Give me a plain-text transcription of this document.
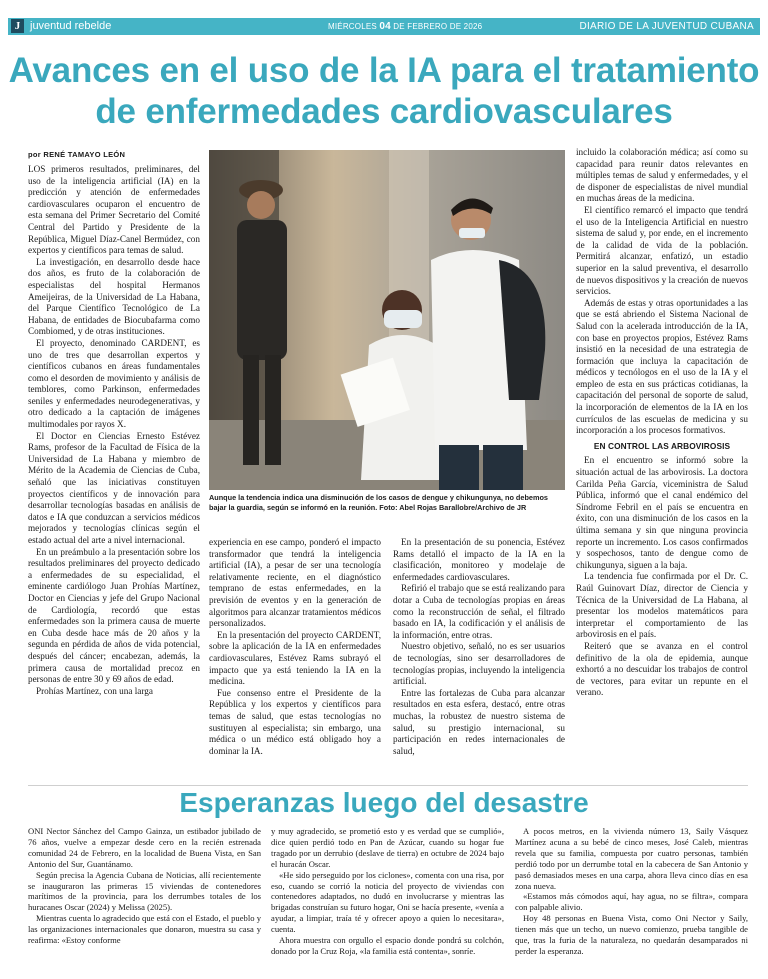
J juventud rebelde	MIÉRCOLES 04 DE FEBRERO DE 2026	DIARIO DE LA JUVENTUD CUBANA
Avances en el uso de la IA para el tratamiento
de enfermedades cardiovasculares
por RENÉ TAMAYO LEÓN

LOS primeros resultados, preliminares, del uso de la inteligencia artificial (IA) en la predicción y atención de enfermedades cardiovasculares ocuparon el encuentro de esta semana del Primer Secretario del Comité Central del Partido y Presidente de la República, Miguel Díaz-Canel Bermúdez, con expertos y científicos para temas de salud.

La investigación, en desarrollo desde hace dos años, es fruto de la colaboración de especialistas del hospital Hermanos Ameijeiras, de la Universidad de La Habana, del Parque Científico Tecnológico de La Habana, de entidades de Biocubafarma como Combiomed, y de otras instituciones.

El proyecto, denominado CARDENT, es uno de tres que desarrollan expertos y científicos cubanos en áreas fundamentales como el desorden de movimiento y análisis de temblores, como Parkinson, enfermedades seniles y enfermedades neurodegenerativas, y otro dedicado a la captación de imágenes multimodales por rayos X.

El Doctor en Ciencias Ernesto Estévez Rams, profesor de la Facultad de Física de la Universidad de La Habana y miembro de Mérito de la Academia de Ciencias de Cuba, señaló que las iniciativas constituyen proyectos científicos y de innovación para desarrollar tecnologías basadas en análisis de datos e IA que conduzcan a servicios médicos mejorados y tecnologías clínicas según el estado actual del arte a nivel internacional.

En un preámbulo a la presentación sobre los resultados preliminares del proyecto dedicado a enfermedades de su especialidad, el eminente cardiólogo Juan Prohías Martínez, Doctor en Ciencias y jefe del Grupo Nacional de Cardiología, recordó que estas enfermedades son la primera causa de muerte en Cuba desde hace más de 20 años y la segunda en pérdida de años de vida potencial, después del cáncer; encabezan, además, la primera causa de mortalidad precoz en personas de entre 30 y 69 años de edad.

Prohías Martínez, con una larga

Aunque la tendencia indica una disminución de los casos de dengue y chikungunya, no debemos bajar la guardia, según se informó en la reunión. Foto: Abel Rojas Barallobre/Archivo de JR

experiencia en ese campo, ponderó el impacto transformador que tendrá la inteligencia artificial (IA), a pesar de ser una tecnología relativamente reciente, en el diagnóstico temprano de estas enfermedades, en la previsión de eventos y en la generación de algoritmos para alcanzar tratamientos médicos personalizados.

En la presentación del proyecto CARDENT, sobre la aplicación de la IA en enfermedades cardiovasculares, Estévez Rams subrayó el impacto que ya está teniendo la IA en la medicina.

Fue consenso entre el Presidente de la República y los expertos y científicos para temas de salud, que estas tecnologías no sustituyen al especialista; sin embargo, una médica o un médico está obligado hoy a dominar la IA.

En la presentación de su ponencia, Estévez Rams detalló el impacto de la IA en la clasificación, monitoreo y modelaje de enfermedades cardiovasculares.

Refirió el trabajo que se está realizando para dotar a Cuba de tecnologías propias en áreas como la reconstrucción de señal, el filtrado basado en IA, la codificación y el análisis de la información, entre otras.

Nuestro objetivo, señaló, no es ser usuarios de tecnologías, sino ser desarrolladores de tecnologías propias, incluyendo la inteligencia artificial.

Entre las fortalezas de Cuba para alcanzar resultados en esta esfera, destacó, entre otras muchas, la robustez de nuestro sistema de salud, su prestigio internacional, su participación en redes internacionales de salud,

incluido la colaboración médica; así como su capacidad para reunir datos relevantes en múltiples temas de salud y enfermedades, y el de disponer de especialistas de nivel mundial en muchas áreas de la medicina.

El científico remarcó el impacto que tendrá el uso de la Inteligencia Artificial en nuestro sistema de salud y, por ende, en el incremento de la calidad de vida de la población. Permitirá alcanzar, enfatizó, un estadio superior en la salud preventiva, el desarrollo de nuevos dispositivos y la creación de nuevos servicios.

Además de estas y otras oportunidades a las que se está abriendo el Sistema Nacional de Salud con la acelerada introducción de la IA, con base en proyectos propios, Estévez Rams insistió en la necesidad de una estrategia de formación que incluya la capacitación de médicos y tecnólogos en el uso de la IA y el empleo de esta en sus prácticas cotidianas, la capacitación del personal de soporte de salud, la incorporación de elementos de la IA en los currículos de las escuelas de medicina y su incorporación a los procesos formativos.

EN CONTROL LAS ARBOVIROSIS

En el encuentro se informó sobre la situación actual de las arbovirosis. La doctora Carilda Peña García, viceministra de Salud Pública, informó que el canal endémico del Síndrome Febril en el país se encuentra en éxito, con una disminución de los casos en la última semana y sin que ninguna provincia reporte un incremento. Los casos confirmados y sospechosos, tanto de dengue como de chikungunya, siguen a la baja.

La tendencia fue confirmada por el Dr. C. Raúl Guinovart Díaz, director de Ciencia y Técnica de la Universidad de La Habana, al presentar los modelos matemáticos para interpretar el comportamiento de las arbovirosis en el país.

Reiteró que se avanza en el control definitivo de la ola de epidemia, aunque exhortó a no descuidar los trabajos de control de vectores, para evitar un repunte en el verano.

Esperanzas luego del desastre

ONI Nector Sánchez del Campo Gainza, un estibador jubilado de 76 años, vuelve a empezar desde cero en la recién estrenada comunidad 24 de Febrero, en la localidad de Buena Vista, en San Antonio del Sur, Guantánamo.

Según precisa la Agencia Cubana de Noticias, allí recientemente se inauguraron las primeras 15 viviendas de contenedores marítimos de la provincia, para los derrumbes totales de los huracanes Oscar (2024) y Melissa (2025).

Mientras cuenta lo agradecido que está con el Estado, el pueblo y las organizaciones internacionales que donaron, muestra su casa y reafirma: «Estoy conforme

y muy agradecido, se prometió esto y es verdad que se cumplió», dice quien perdió todo en Pan de Azúcar, cuando su hogar fue tragado por un derrubio (deslave de tierra) en octubre de 2024 bajo el huracán Oscar.

«He sido perseguido por los ciclones», comenta con una risa, por eso, cuando se corrió la noticia del proyecto de viviendas con contenedores adaptados, no dudó en involucrarse y mientras las brigadas construían su futuro hogar, Oni se hacía presente, «venía a ayudar, a limpiar, traía té y ofrecer apoyo a quien lo necesitara», cuenta.

Ahora muestra con orgullo el espacio donde pondrá su colchón, donado por la Cruz Roja, «la familia está contenta», sonríe.

A pocos metros, en la vivienda número 13, Saily Vásquez Martínez acuna a su bebé de cinco meses, José Caleb, mientras revela que su familia, compuesta por cuatro personas, también perdió todo por un derrumbe total en la cabecera de San Antonio y pasó demasiados meses en una carpa, ahora lleva cinco días en esa zona nueva.

«Estamos más cómodos aquí, hay agua, no se filtra», compara con palpable alivio.

Hoy 48 personas en Buena Vista, como Oni Nector y Saily, tienen más que un techo, un nuevo comienzo, prueba tangible de que, tras la furia de la naturaleza, no quedarán desamparados ni perder la esperanza.
